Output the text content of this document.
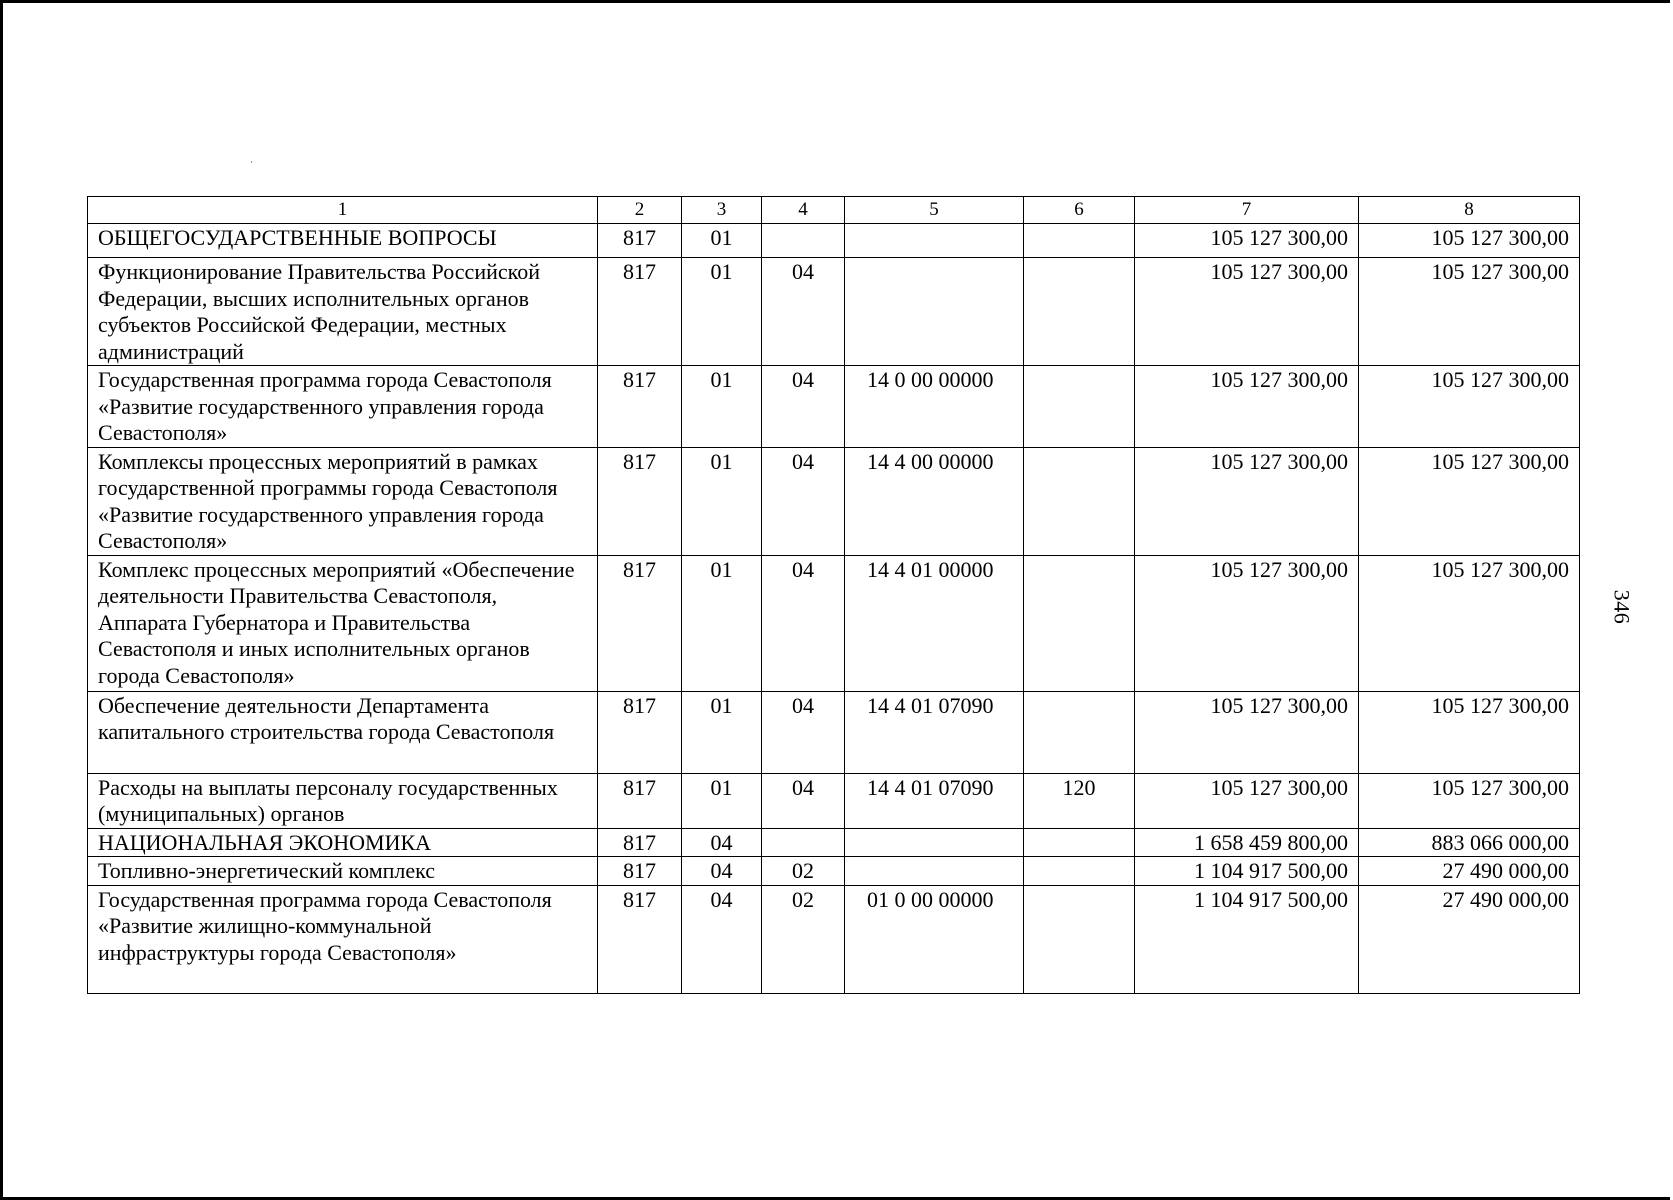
1	2	3	4	5	6	7	8
ОБЩЕГОСУДАРСТВЕННЫЕ ВОПРОСЫ	817	01				105 127 300,00	105 127 300,00
Функционирование Правительства Российской Федерации, высших исполнительных органов субъектов Российской Федерации, местных администраций	817	01	04			105 127 300,00	105 127 300,00
Государственная программа города Севастополя «Развитие государственного управления города Севастополя»	817	01	04	14 0 00 00000		105 127 300,00	105 127 300,00
Комплексы процессных мероприятий в рамках государственной программы города Севастополя «Развитие государственного управления города Севастополя»	817	01	04	14 4 00 00000		105 127 300,00	105 127 300,00
Комплекс процессных мероприятий «Обеспечение деятельности Правительства Севастополя, Аппарата Губернатора и Правительства Севастополя и иных исполнительных органов города Севастополя»	817	01	04	14 4 01 00000		105 127 300,00	105 127 300,00
Обеспечение деятельности Департамента капитального строительства города Севастополя	817	01	04	14 4 01 07090		105 127 300,00	105 127 300,00
Расходы на выплаты персоналу государственных (муниципальных) органов	817	01	04	14 4 01 07090	120	105 127 300,00	105 127 300,00
НАЦИОНАЛЬНАЯ ЭКОНОМИКА	817	04				1 658 459 800,00	883 066 000,00
Топливно-энергетический комплекс	817	04	02			1 104 917 500,00	27 490 000,00
Государственная программа города Севастополя «Развитие жилищно-коммунальной инфраструктуры города Севастополя»	817	04	02	01 0 00 00000		1 104 917 500,00	27 490 000,00
346
